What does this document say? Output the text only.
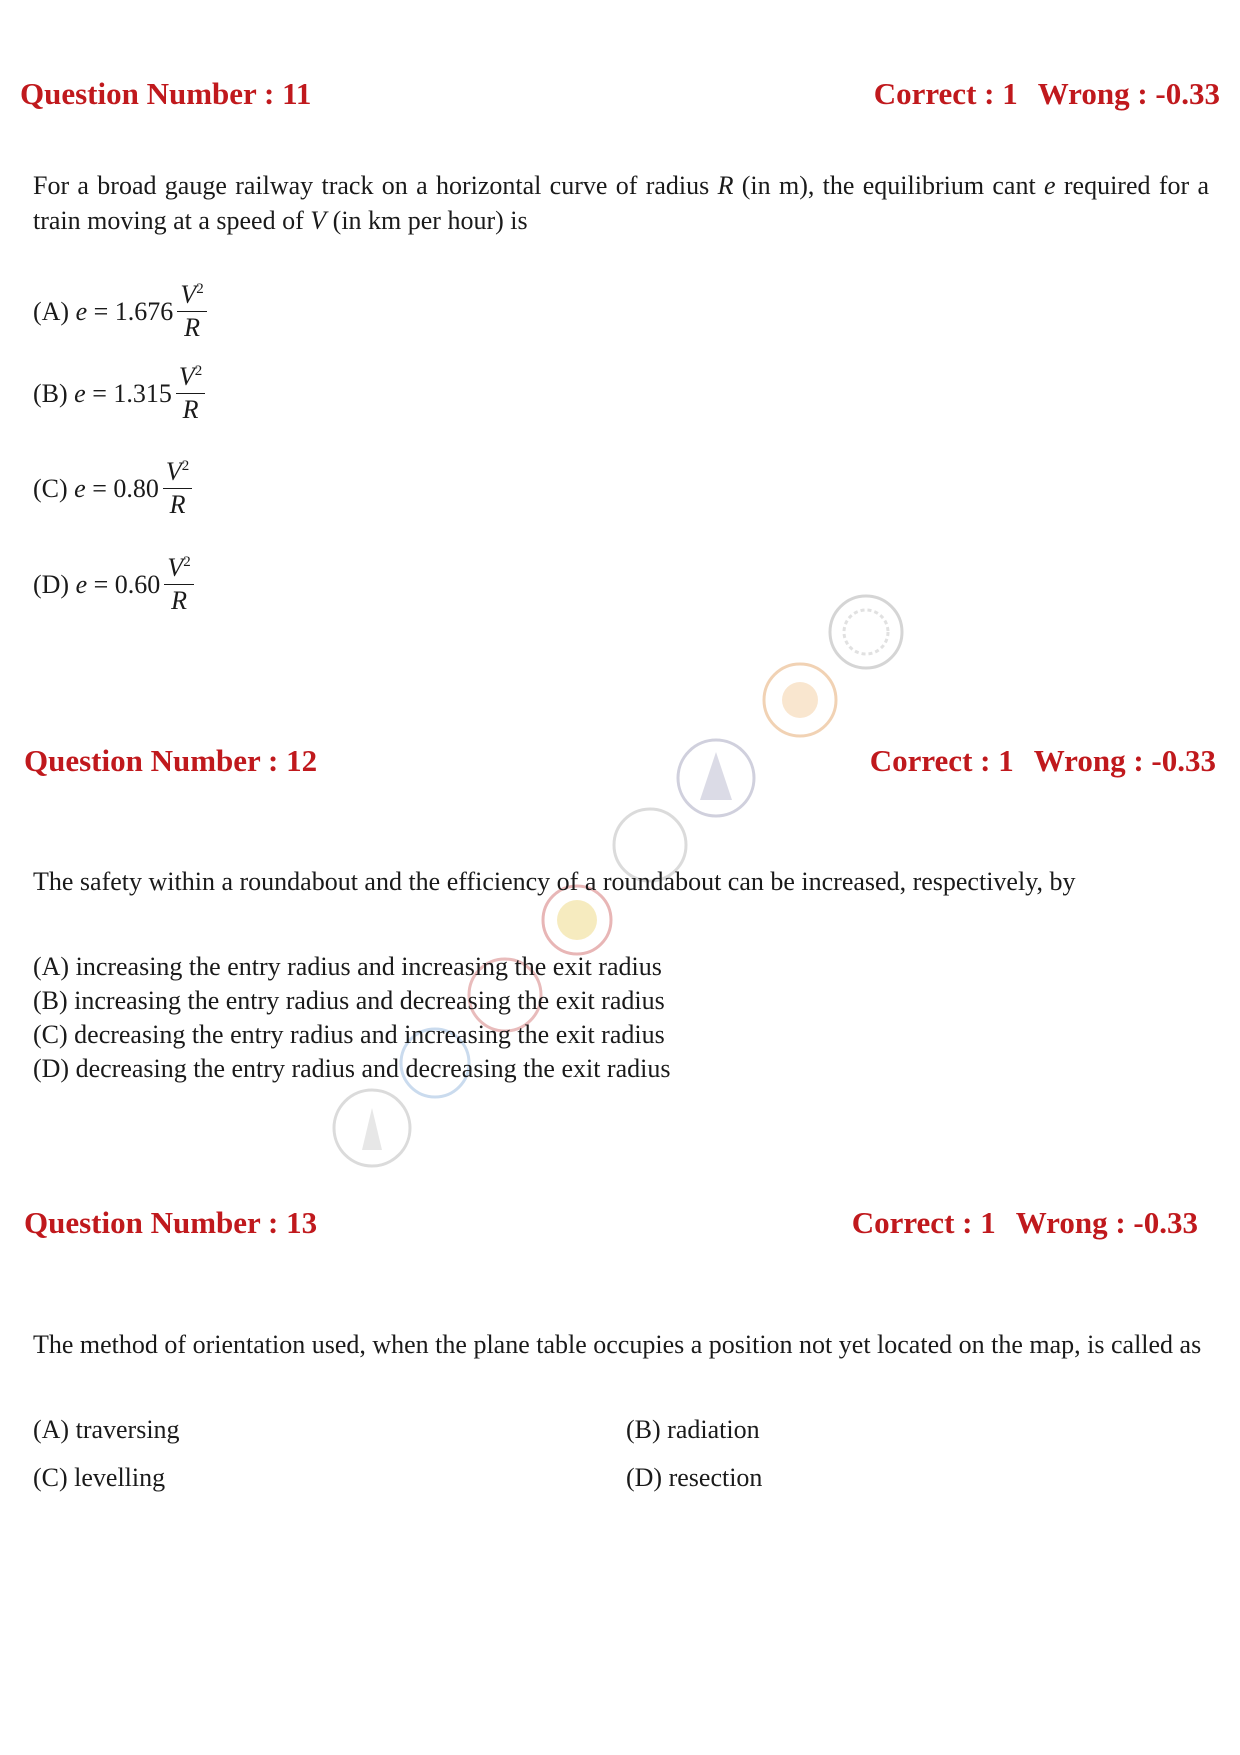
Question Number : 11	Correct : 1 Wrong : -0.33
For a broad gauge railway track on a horizontal curve of radius R (in m), the equilibrium cant e required for a train moving at a speed of V (in km per hour) is
(A) $e = 1.676 \frac{V^2}{R}$
(B) $e = 1.315 \frac{V^2}{R}$
(C) $e = 0.80 \frac{V^2}{R}$
(D) $e = 0.60 \frac{V^2}{R}$
Question Number : 12	Correct : 1 Wrong : -0.33
The safety within a roundabout and the efficiency of a roundabout can be increased, respectively, by
(A) increasing the entry radius and increasing the exit radius
(B) increasing the entry radius and decreasing the exit radius
(C) decreasing the entry radius and increasing the exit radius
(D) decreasing the entry radius and decreasing the exit radius
Question Number : 13	Correct : 1 Wrong : -0.33
The method of orientation used, when the plane table occupies a position not yet located on the map, is called as
(A) traversing	(B) radiation
(C) levelling	(D) resection
